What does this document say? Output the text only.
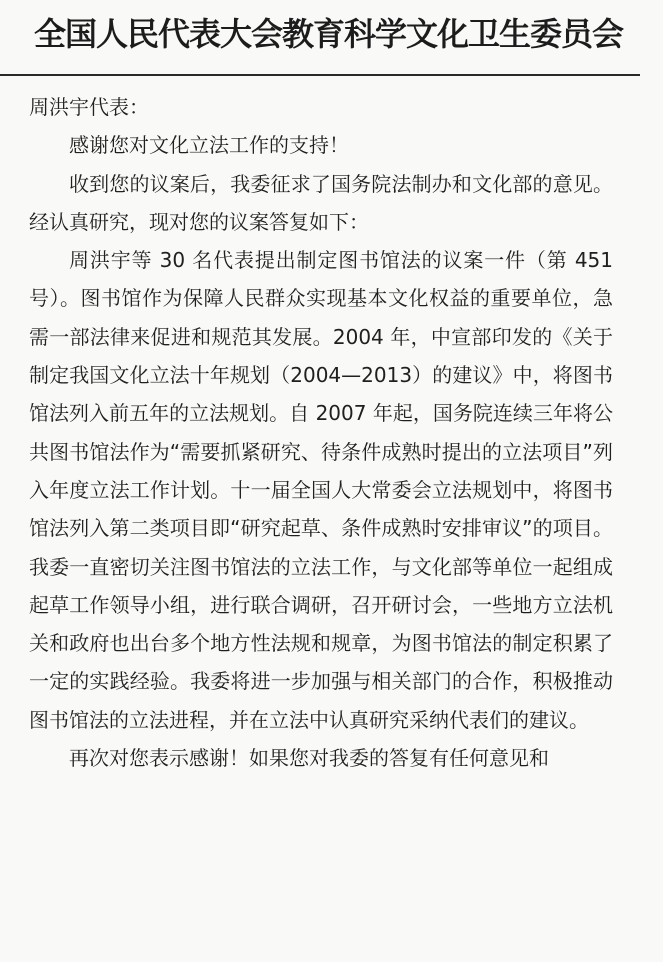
全国人民代表大会教育科学文化卫生委员会

周洪宇代表：

感谢您对文化立法工作的支持！

收到您的议案后，我委征求了国务院法制办和文化部的意见。经认真研究，现对您的议案答复如下：

周洪宇等 30 名代表提出制定图书馆法的议案一件（第 451 号）。图书馆作为保障人民群众实现基本文化权益的重要单位，急需一部法律来促进和规范其发展。2004 年，中宣部印发的《关于制定我国文化立法十年规划（2004—2013）的建议》中，将图书馆法列入前五年的立法规划。自 2007 年起，国务院连续三年将公共图书馆法作为“需要抓紧研究、待条件成熟时提出的立法项目”列入年度立法工作计划。十一届全国人大常委会立法规划中，将图书馆法列入第二类项目即“研究起草、条件成熟时安排审议”的项目。我委一直密切关注图书馆法的立法工作，与文化部等单位一起组成起草工作领导小组，进行联合调研，召开研讨会，一些地方立法机关和政府也出台多个地方性法规和规章，为图书馆法的制定积累了一定的实践经验。我委将进一步加强与相关部门的合作，积极推动图书馆法的立法进程，并在立法中认真研究采纳代表们的建议。

再次对您表示感谢！如果您对我委的答复有任何意见和
